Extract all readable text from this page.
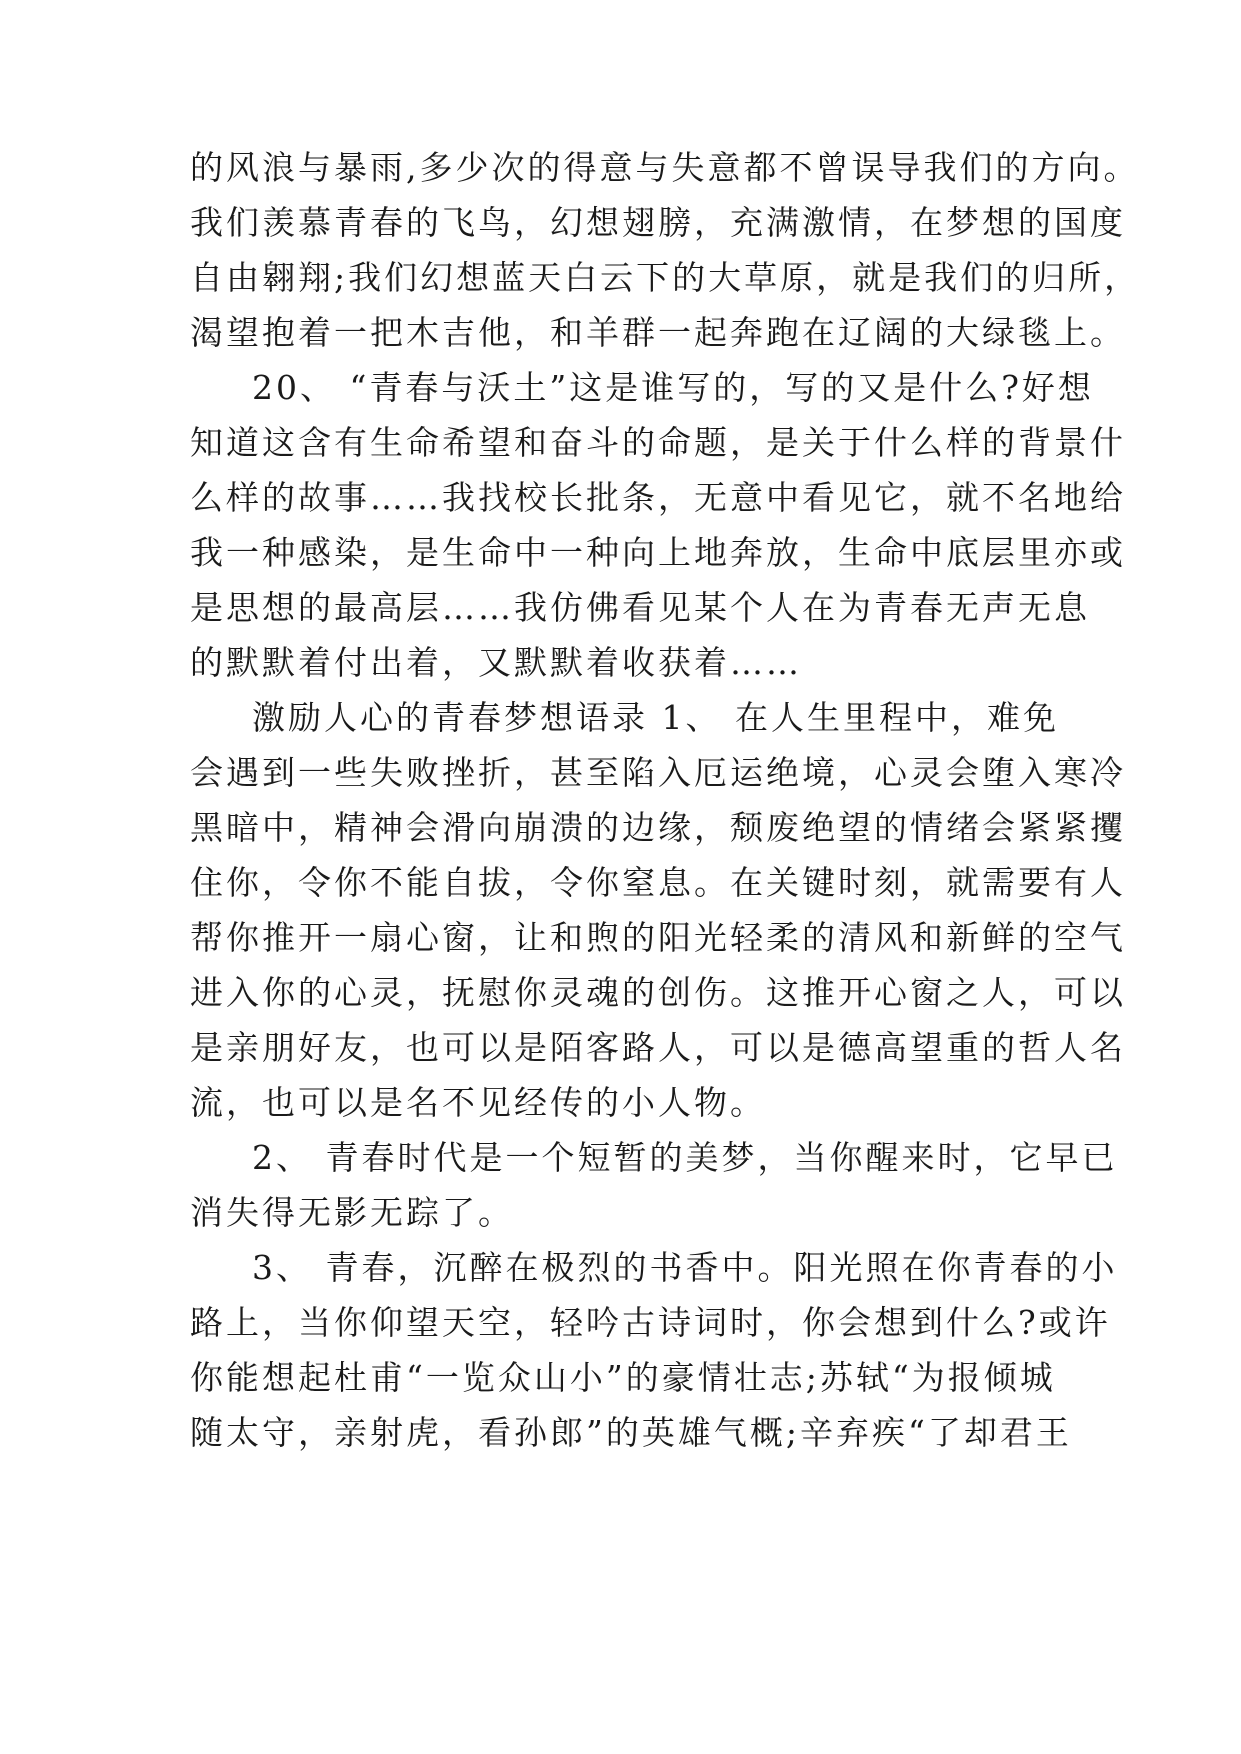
的风浪与暴雨,多少次的得意与失意都不曾误导我们的方向。
我们羡慕青春的飞鸟，幻想翅膀，充满激情，在梦想的国度
自由翱翔;我们幻想蓝天白云下的大草原，就是我们的归所，
渴望抱着一把木吉他，和羊群一起奔跑在辽阔的大绿毯上。
20、 “青春与沃土”这是谁写的，写的又是什么?好想
知道这含有生命希望和奋斗的命题，是关于什么样的背景什
么样的故事……我找校长批条，无意中看见它，就不名地给
我一种感染，是生命中一种向上地奔放，生命中底层里亦或
是思想的最高层……我仿佛看见某个人在为青春无声无息
的默默着付出着，又默默着收获着……
激励人心的青春梦想语录 1、 在人生里程中，难免
会遇到一些失败挫折，甚至陷入厄运绝境，心灵会堕入寒冷
黑暗中，精神会滑向崩溃的边缘，颓废绝望的情绪会紧紧攫
住你，令你不能自拔，令你窒息。在关键时刻，就需要有人
帮你推开一扇心窗，让和煦的阳光轻柔的清风和新鲜的空气
进入你的心灵，抚慰你灵魂的创伤。这推开心窗之人，可以
是亲朋好友，也可以是陌客路人，可以是德高望重的哲人名
流，也可以是名不见经传的小人物。
2、 青春时代是一个短暂的美梦，当你醒来时，它早已
消失得无影无踪了。
3、 青春，沉醉在极烈的书香中。阳光照在你青春的小
路上，当你仰望天空，轻吟古诗词时，你会想到什么?或许
你能想起杜甫“一览众山小”的豪情壮志;苏轼“为报倾城
随太守，亲射虎，看孙郎”的英雄气概;辛弃疾“了却君王
